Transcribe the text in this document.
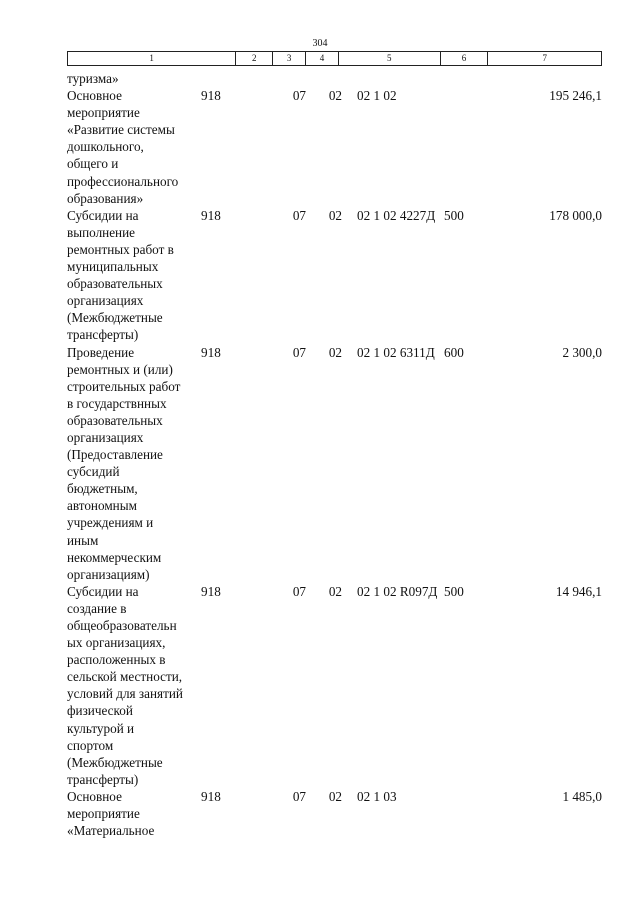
304
1	2	3	4	5	6	7
туризма»
Основное
мероприятие
«Развитие системы
дошкольного,
общего и
профессионального
образования»
918	07	02	02 1 02	195 246,1
Субсидии на
выполнение
ремонтных работ в
муниципальных
образовательных
организациях
(Межбюджетные
трансферты)
918	07	02	02 1 02 4227Д 500	178 000,0
Проведение
ремонтных и (или)
строительных работ
в государствнных
образовательных
организациях
(Предоставление
субсидий
бюджетным,
автономным
учреждениям и
иным
некоммерческим
организациям)
918	07	02	02 1 02 6311Д 600	2 300,0
Субсидии на
создание в
общеобразовательн
ых организациях,
расположенных в
сельской местности,
условий для занятий
физической
культурой и
спортом
(Межбюджетные
трансферты)
918	07	02	02 1 02 R097Д 500	14 946,1
Основное
мероприятие
«Материальное
918	07	02	02 1 03	1 485,0
